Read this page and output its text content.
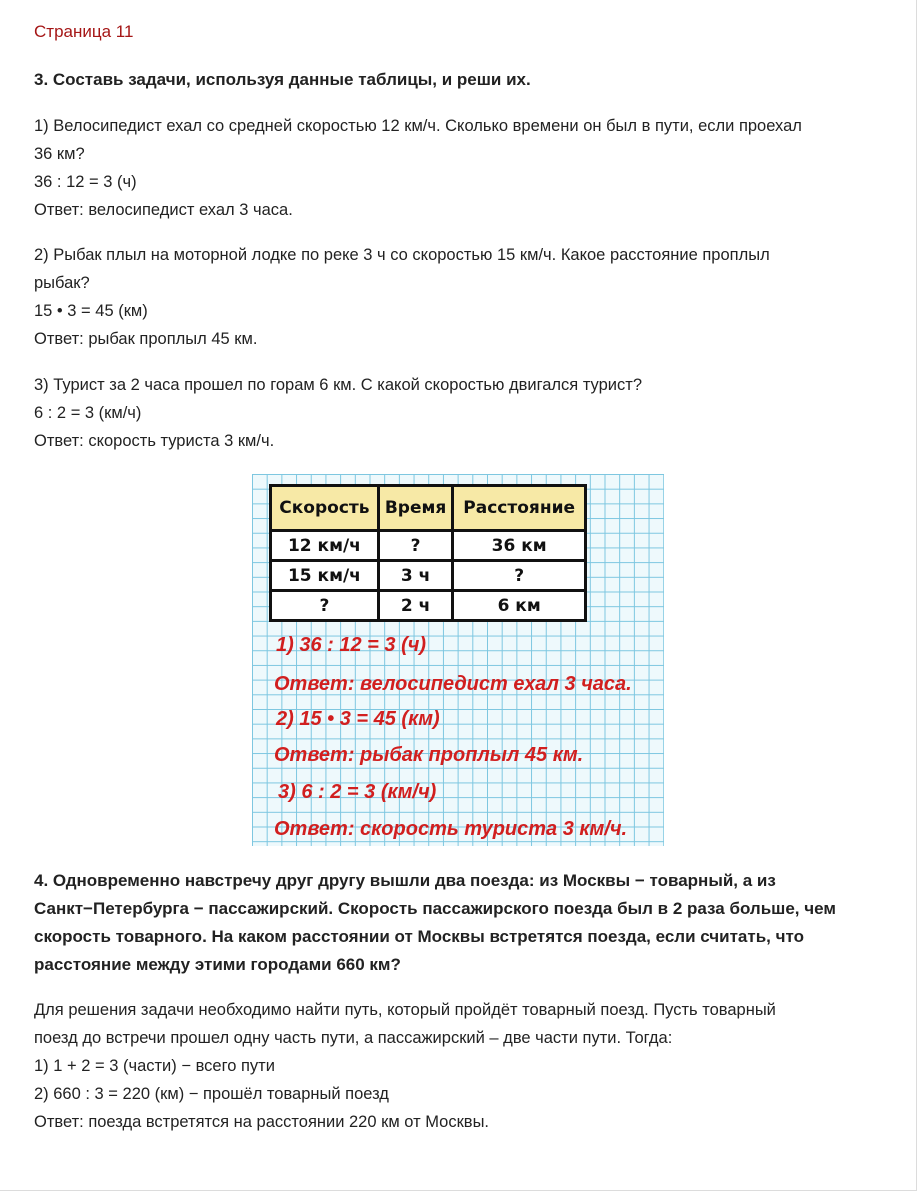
Страница 11
3. Составь задачи, используя данные таблицы, и реши их.
1) Велосипедист ехал со средней скоростью 12 км/ч. Сколько времени он был в пути, если проехал
36 км?
36 : 12 = 3 (ч)
Ответ: велосипедист ехал 3 часа.
2) Рыбак плыл на моторной лодке по реке 3 ч со скоростью 15 км/ч. Какое расстояние проплыл
рыбак?
15 • 3 = 45 (км)
Ответ: рыбак проплыл 45 км.
3) Турист за 2 часа прошел по горам 6 км. С какой скоростью двигался турист?
6 : 2 = 3 (км/ч)
Ответ: скорость туриста 3 км/ч.
Скорость	Время	Расстояние
12 км/ч	?	36 км
15 км/ч	3 ч	?
?	2 ч	6 км
1) 36 : 12 = 3 (ч)
Ответ: велосипедист ехал 3 часа.
2) 15 • 3 = 45 (км)
Ответ: рыбак проплыл 45 км.
3) 6 : 2 = 3 (км/ч)
Ответ: скорость туриста 3 км/ч.
4. Одновременно навстречу друг другу вышли два поезда: из Москвы − товарный, а из
Санкт−Петербурга − пассажирский. Скорость пассажирского поезда был в 2 раза больше, чем
скорость товарного. На каком расстоянии от Москвы встретятся поезда, если считать, что
расстояние между этими городами 660 км?
Для решения задачи необходимо найти путь, который пройдёт товарный поезд. Пусть товарный
поезд до встречи прошел одну часть пути, а пассажирский – две части пути. Тогда:
1) 1 + 2 = 3 (части) − всего пути
2) 660 : 3 = 220 (км) − прошёл товарный поезд
Ответ: поезда встретятся на расстоянии 220 км от Москвы.
